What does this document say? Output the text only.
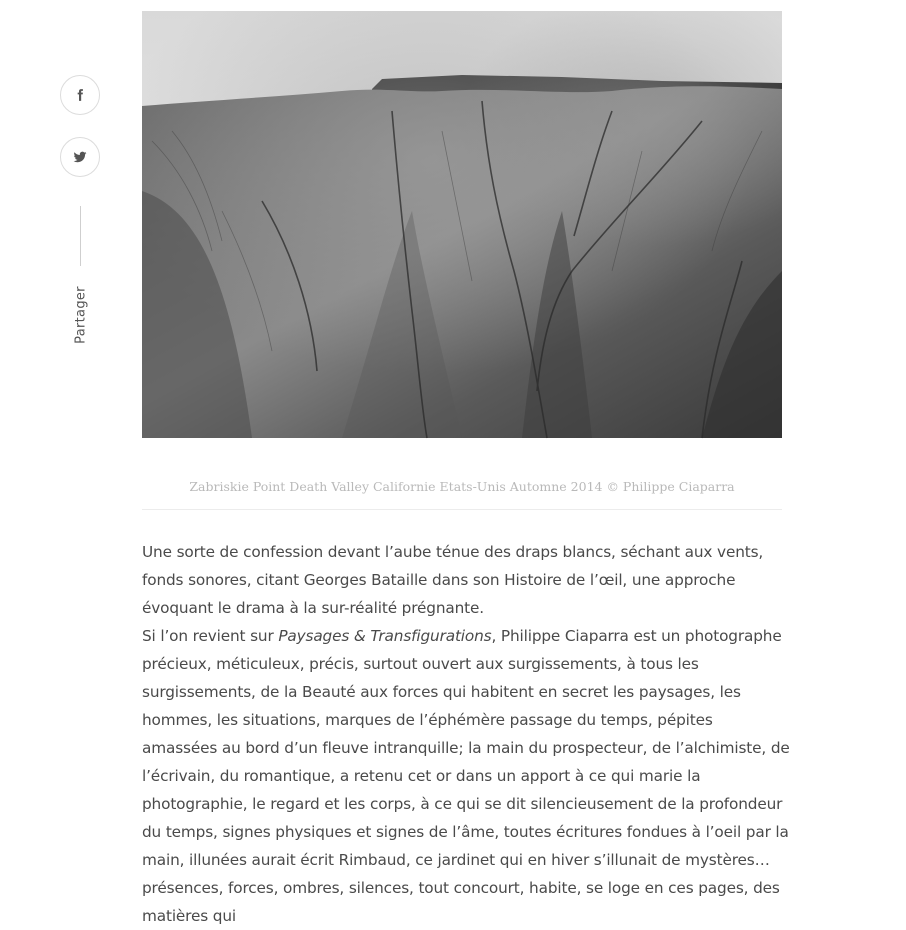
Partager
Zabriskie Point Death Valley Californie Etats-Unis Automne 2014 © Philippe Ciaparra

Une sorte de confession devant l’aube ténue des draps blancs, séchant aux vents, fonds sonores, citant Georges Bataille dans son Histoire de l’œil, une approche évoquant le drama à la sur-réalité prégnante.

Si l’on revient sur Paysages & Transfigurations, Philippe Ciaparra est un photographe précieux, méticuleux, précis, surtout ouvert aux surgissements, à tous les surgissements, de la Beauté aux forces qui habitent en secret les paysages, les hommes, les situations, marques de l’éphémère passage du temps, pépites amassées au bord d’un fleuve intranquille; la main du prospecteur, de l’alchimiste, de l’écrivain, du romantique, a retenu cet or dans un apport à ce qui marie la photographie, le regard et les corps, à ce qui se dit silencieusement de la profondeur du temps, signes physiques et signes de l’âme, toutes écritures fondues à l’oeil par la main, illunées aurait écrit Rimbaud, ce jardinet qui en hiver s’illunait de mystères… présences, forces, ombres, silences, tout concourt, habite, se loge en ces pages, des matières qui
